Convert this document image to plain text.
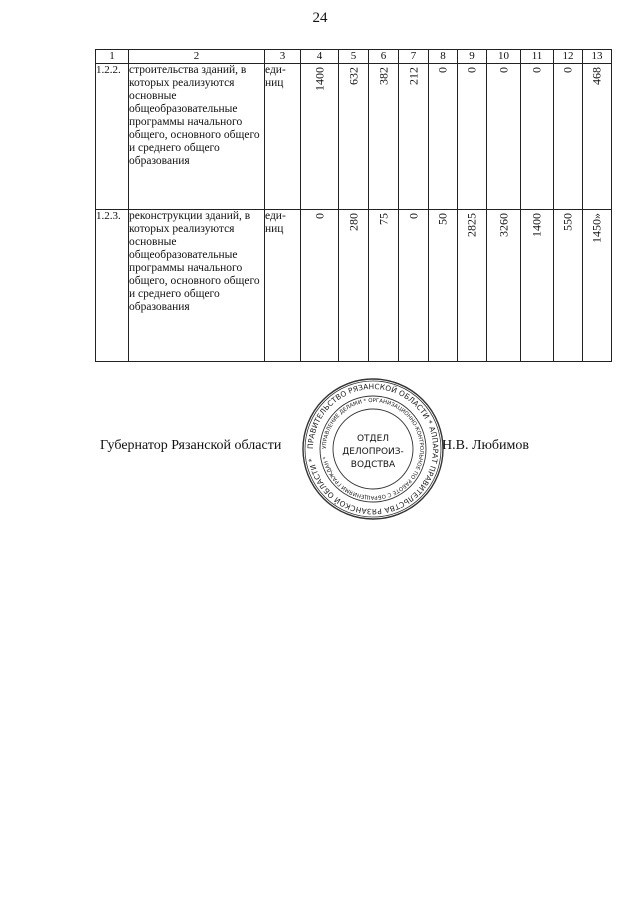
24
1	2	3	4	5	6	7	8	9	10	11	12	13
1.2.2.	строительства зданий, в которых реализуются основные общеобразовательные программы начального общего, основного общего и среднего общего образования	еди-ниц	1400	632	382	212	0	0	0	0	0	468

1.2.3.	реконструкции зданий, в которых реализуются основные общеобразовательные программы начального общего, основного общего и среднего общего образования	еди-ниц	0	280	75	0	50	2825	3260	1400	550	1450»
Губернатор Рязанской области	Н.В. Любимов
ПРАВИТЕЛЬСТВО РЯЗАНСКОЙ ОБЛАСТИ * АППАРАТ ПРАВИТЕЛЬСТВА РЯЗАНСКОЙ ОБЛАСТИ *
УПРАВЛЕНИЕ ДЕЛАМИ * ОРГАНИЗАЦИОННО-КОНТРОЛЬНОЕ ПО РАБОТЕ С ОБРАЩЕНИЯМИ ГРАЖДАН *
ОТДЕЛ
ДЕЛОПРОИЗ-
ВОДСТВА
